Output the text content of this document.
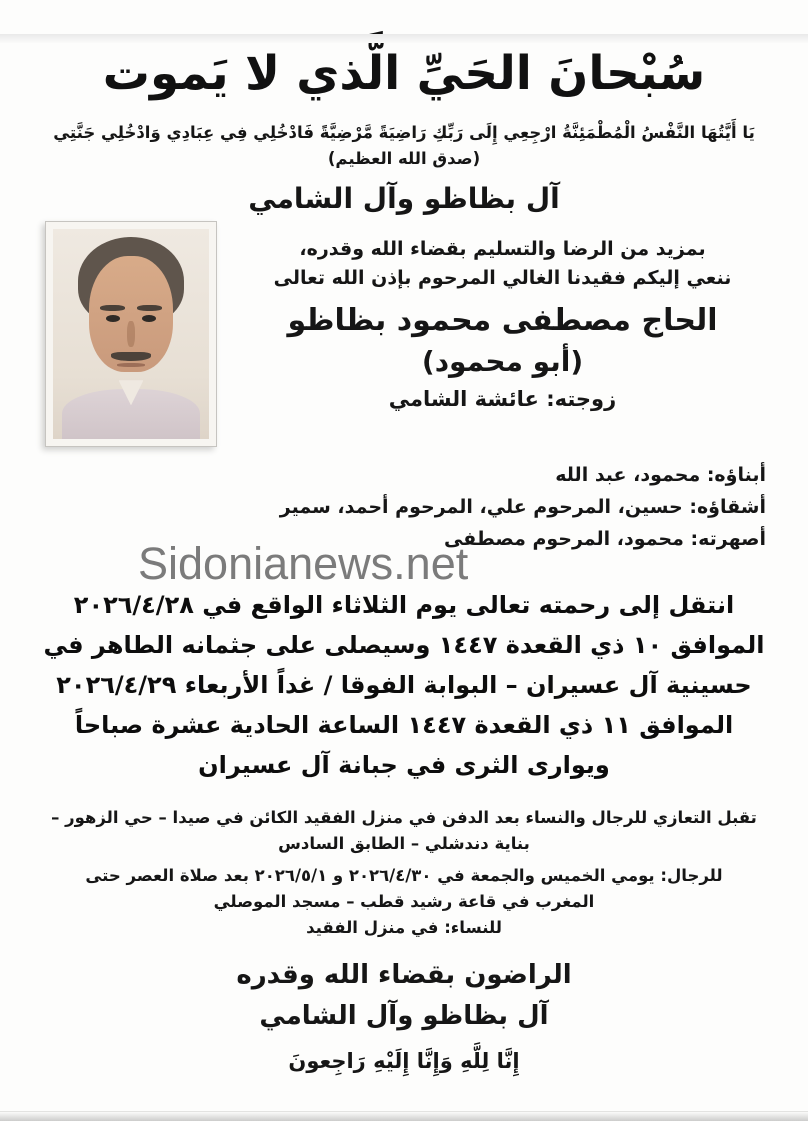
سُبْحانَ الحَيِّ الَّذي لا يَموت
يَا أَيَّتُهَا النَّفْسُ الْمُطْمَئِنَّةُ ارْجِعِي إِلَى رَبِّكِ رَاضِيَةً مَّرْضِيَّةً فَادْخُلِي فِي عِبَادِي وَادْخُلِي جَنَّتِي (صدق الله العظيم)
آل بظاظو وآل الشامي
بمزيد من الرضا والتسليم بقضاء الله وقدره،
ننعي إليكم فقيدنا الغالي المرحوم بإذن الله تعالى
الحاج مصطفى محمود بظاظو
(أبو محمود)
زوجته: عائشة الشامي
أبناؤه: محمود، عبد الله
أشقاؤه: حسين، المرحوم علي، المرحوم أحمد، سمير
أصهرته: محمود، المرحوم مصطفى
Sidonianews.net
انتقل إلى رحمته تعالى يوم الثلاثاء الواقع في ٢٠٢٦/٤/٢٨
الموافق ١٠ ذي القعدة ١٤٤٧ وسيصلى على جثمانه الطاهر في
حسينية آل عسيران – البوابة الفوقا / غداً الأربعاء ٢٠٢٦/٤/٢٩
الموافق ١١ ذي القعدة ١٤٤٧ الساعة الحادية عشرة صباحاً
ويوارى الثرى في جبانة آل عسيران
تقبل التعازي للرجال والنساء بعد الدفن في منزل الفقيد الكائن في صيدا – حي الزهور –
بناية دندشلي – الطابق السادس
للرجال: يومي الخميس والجمعة في ٢٠٢٦/٤/٣٠ و ٢٠٢٦/٥/١ بعد صلاة العصر حتى
المغرب في قاعة رشيد قطب – مسجد الموصلي
للنساء: في منزل الفقيد
الراضون بقضاء الله وقدره
آل بظاظو وآل الشامي
إِنَّا لِلَّهِ وَإِنَّا إِلَيْهِ رَاجِعونَ
